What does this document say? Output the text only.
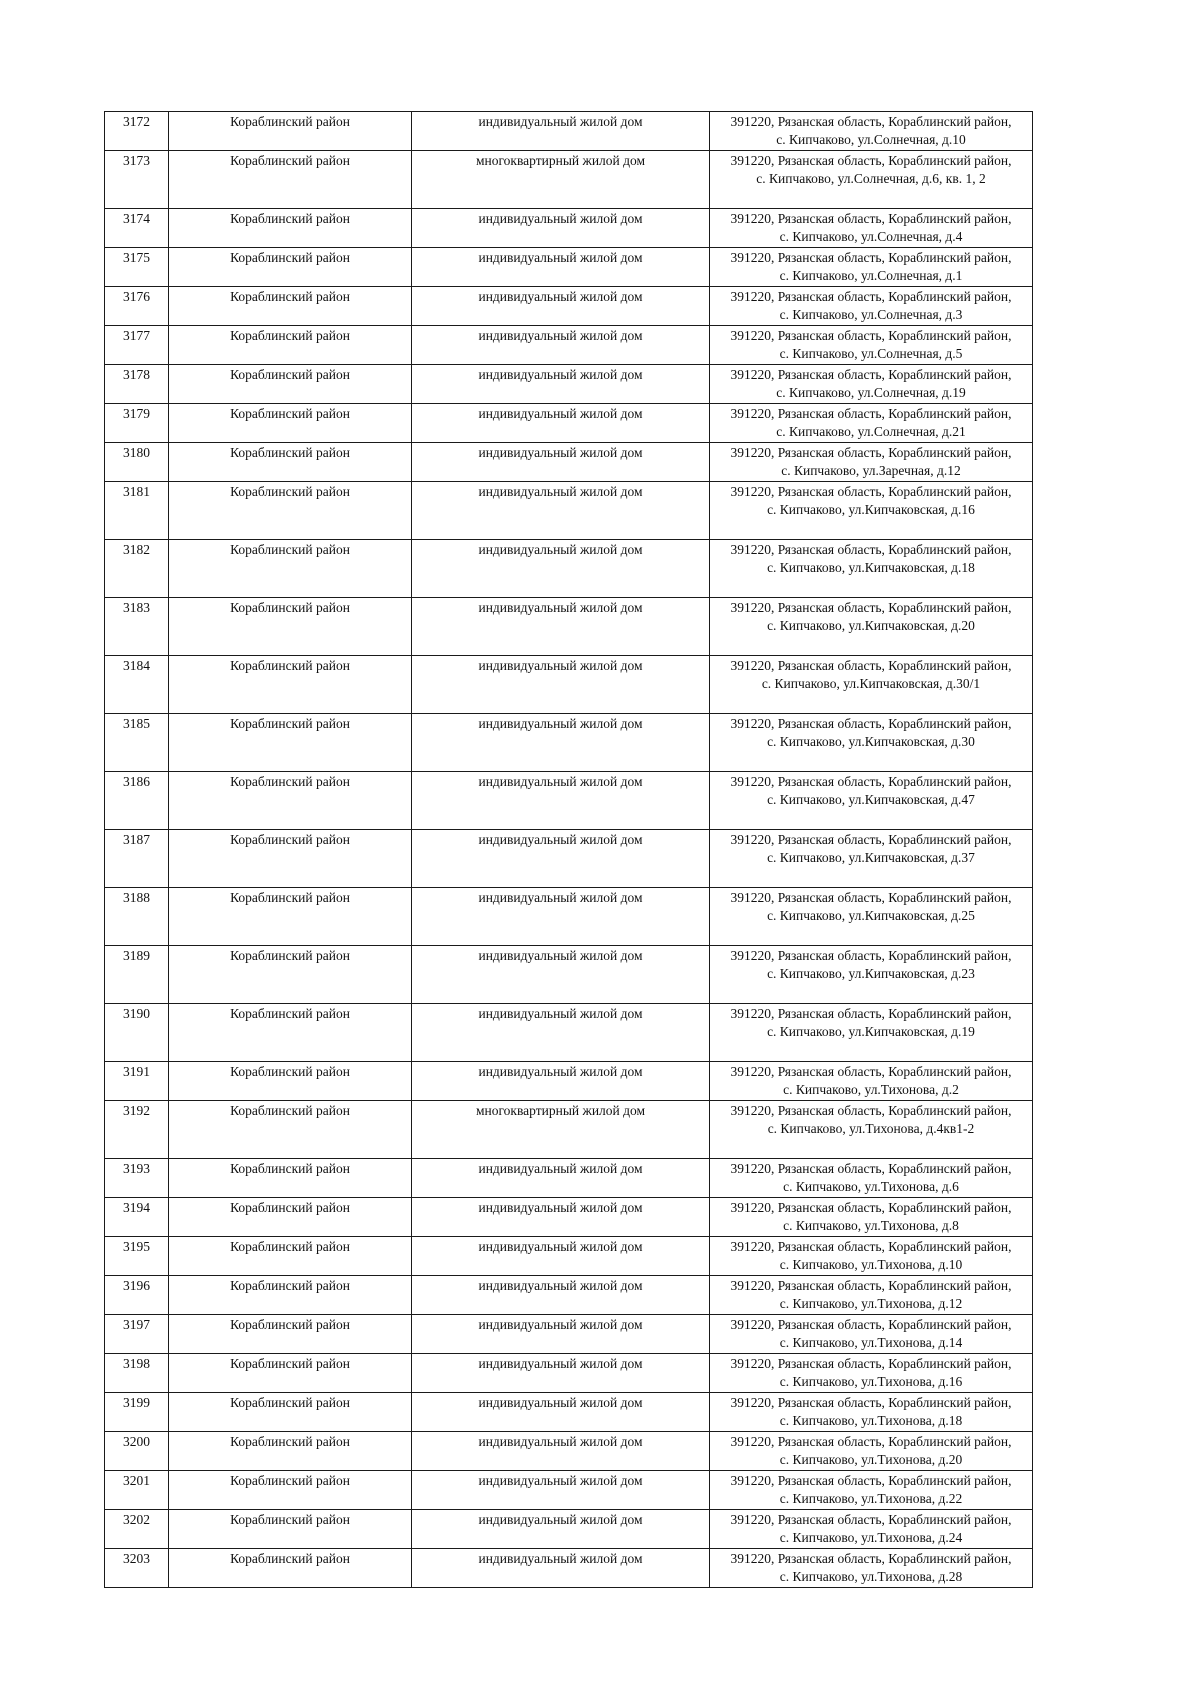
3172	Кораблинский район	индивидуальный жилой дом	391220, Рязанская область, Кораблинский район,
с. Кипчаково, ул.Солнечная, д.10

3173	Кораблинский район	многоквартирный жилой дом	391220, Рязанская область, Кораблинский район,
с. Кипчаково, ул.Солнечная, д.6, кв. 1, 2

3174	Кораблинский район	индивидуальный жилой дом	391220, Рязанская область, Кораблинский район,
с. Кипчаково, ул.Солнечная, д.4

3175	Кораблинский район	индивидуальный жилой дом	391220, Рязанская область, Кораблинский район,
с. Кипчаково, ул.Солнечная, д.1

3176	Кораблинский район	индивидуальный жилой дом	391220, Рязанская область, Кораблинский район,
с. Кипчаково, ул.Солнечная, д.3

3177	Кораблинский район	индивидуальный жилой дом	391220, Рязанская область, Кораблинский район,
с. Кипчаково, ул.Солнечная, д.5

3178	Кораблинский район	индивидуальный жилой дом	391220, Рязанская область, Кораблинский район,
с. Кипчаково, ул.Солнечная, д.19

3179	Кораблинский район	индивидуальный жилой дом	391220, Рязанская область, Кораблинский район,
с. Кипчаково, ул.Солнечная, д.21

3180	Кораблинский район	индивидуальный жилой дом	391220, Рязанская область, Кораблинский район,
с. Кипчаково, ул.Заречная, д.12

3181	Кораблинский район	индивидуальный жилой дом	391220, Рязанская область, Кораблинский район,
с. Кипчаково, ул.Кипчаковская, д.16

3182	Кораблинский район	индивидуальный жилой дом	391220, Рязанская область, Кораблинский район,
с. Кипчаково, ул.Кипчаковская, д.18

3183	Кораблинский район	индивидуальный жилой дом	391220, Рязанская область, Кораблинский район,
с. Кипчаково, ул.Кипчаковская, д.20

3184	Кораблинский район	индивидуальный жилой дом	391220, Рязанская область, Кораблинский район,
с. Кипчаково, ул.Кипчаковская, д.30/1

3185	Кораблинский район	индивидуальный жилой дом	391220, Рязанская область, Кораблинский район,
с. Кипчаково, ул.Кипчаковская, д.30

3186	Кораблинский район	индивидуальный жилой дом	391220, Рязанская область, Кораблинский район,
с. Кипчаково, ул.Кипчаковская, д.47

3187	Кораблинский район	индивидуальный жилой дом	391220, Рязанская область, Кораблинский район,
с. Кипчаково, ул.Кипчаковская, д.37

3188	Кораблинский район	индивидуальный жилой дом	391220, Рязанская область, Кораблинский район,
с. Кипчаково, ул.Кипчаковская, д.25

3189	Кораблинский район	индивидуальный жилой дом	391220, Рязанская область, Кораблинский район,
с. Кипчаково, ул.Кипчаковская, д.23

3190	Кораблинский район	индивидуальный жилой дом	391220, Рязанская область, Кораблинский район,
с. Кипчаково, ул.Кипчаковская, д.19

3191	Кораблинский район	индивидуальный жилой дом	391220, Рязанская область, Кораблинский район,
с. Кипчаково, ул.Тихонова, д.2

3192	Кораблинский район	многоквартирный жилой дом	391220, Рязанская область, Кораблинский район,
с. Кипчаково, ул.Тихонова, д.4кв1-2

3193	Кораблинский район	индивидуальный жилой дом	391220, Рязанская область, Кораблинский район,
с. Кипчаково, ул.Тихонова, д.6

3194	Кораблинский район	индивидуальный жилой дом	391220, Рязанская область, Кораблинский район,
с. Кипчаково, ул.Тихонова, д.8

3195	Кораблинский район	индивидуальный жилой дом	391220, Рязанская область, Кораблинский район,
с. Кипчаково, ул.Тихонова, д.10

3196	Кораблинский район	индивидуальный жилой дом	391220, Рязанская область, Кораблинский район,
с. Кипчаково, ул.Тихонова, д.12

3197	Кораблинский район	индивидуальный жилой дом	391220, Рязанская область, Кораблинский район,
с. Кипчаково, ул.Тихонова, д.14

3198	Кораблинский район	индивидуальный жилой дом	391220, Рязанская область, Кораблинский район,
с. Кипчаково, ул.Тихонова, д.16

3199	Кораблинский район	индивидуальный жилой дом	391220, Рязанская область, Кораблинский район,
с. Кипчаково, ул.Тихонова, д.18

3200	Кораблинский район	индивидуальный жилой дом	391220, Рязанская область, Кораблинский район,
с. Кипчаково, ул.Тихонова, д.20

3201	Кораблинский район	индивидуальный жилой дом	391220, Рязанская область, Кораблинский район,
с. Кипчаково, ул.Тихонова, д.22

3202	Кораблинский район	индивидуальный жилой дом	391220, Рязанская область, Кораблинский район,
с. Кипчаково, ул.Тихонова, д.24

3203	Кораблинский район	индивидуальный жилой дом	391220, Рязанская область, Кораблинский район,
с. Кипчаково, ул.Тихонова, д.28
